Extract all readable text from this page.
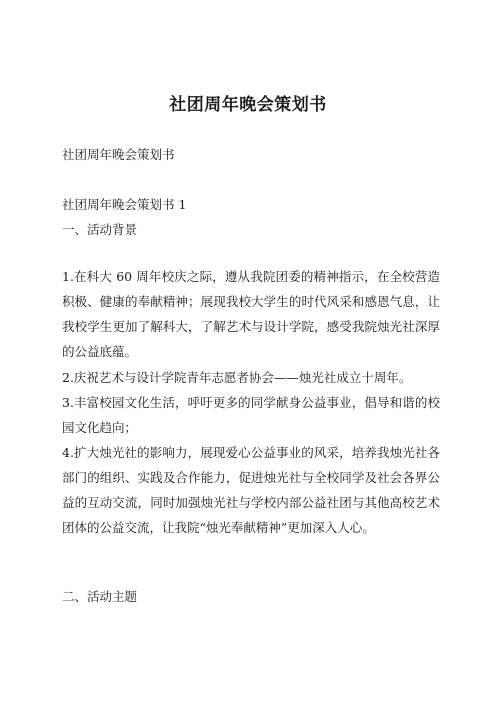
社团周年晚会策划书
社团周年晚会策划书
社团周年晚会策划书 1
一、活动背景
1.在科大 60 周年校庆之际，遵从我院团委的精神指示，在全校营造积极、健康的奉献精神；展现我校大学生的时代风采和感恩气息，让我校学生更加了解科大，了解艺术与设计学院，感受我院烛光社深厚的公益底蕴。
2.庆祝艺术与设计学院青年志愿者协会——烛光社成立十周年。
3.丰富校园文化生活，呼吁更多的同学献身公益事业，倡导和谐的校园文化趋向；
4.扩大烛光社的影响力，展现爱心公益事业的风采，培养我烛光社各部门的组织、实践及合作能力，促进烛光社与全校同学及社会各界公益的互动交流，同时加强烛光社与学校内部公益社团与其他高校艺术团体的公益交流，让我院“烛光奉献精神”更加深入人心。
二、活动主题
